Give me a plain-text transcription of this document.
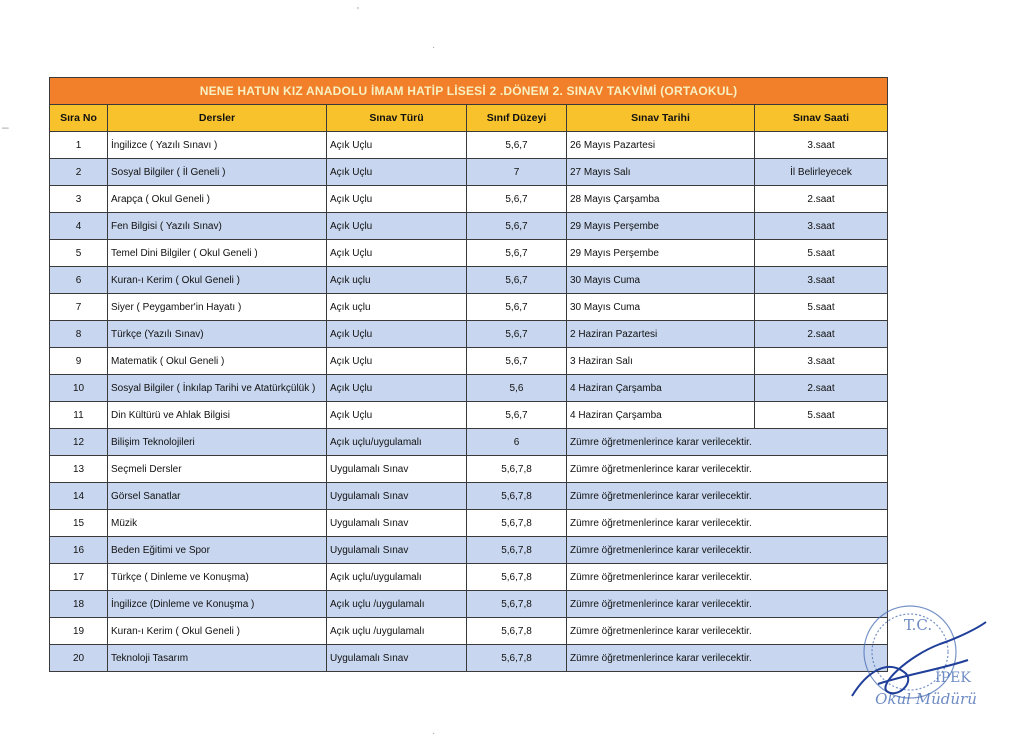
'
·
–
·
NENE HATUN KIZ ANADOLU İMAM HATİP LİSESİ 2 .DÖNEM 2. SINAV TAKVİMİ (ORTAOKUL)					
Sıra No	Dersler	Sınav Türü	Sınıf Düzeyi	Sınav Tarihi	Sınav Saati
1	İngilizce ( Yazılı Sınavı )	Açık Uçlu	5,6,7	26 Mayıs Pazartesi	3.saat
2	Sosyal Bilgiler ( İl Geneli )	Açık Uçlu	7	27 Mayıs Salı	İl Belirleyecek
3	Arapça ( Okul Geneli )	Açık Uçlu	5,6,7	28 Mayıs Çarşamba	2.saat
4	Fen Bilgisi ( Yazılı Sınav)	Açık Uçlu	5,6,7	29 Mayıs Perşembe	3.saat
5	Temel Dini Bilgiler ( Okul Geneli )	Açık Uçlu	5,6,7	29 Mayıs Perşembe	5.saat
6	Kuran-ı Kerim ( Okul Geneli )	Açık uçlu	5,6,7	30 Mayıs Cuma	3.saat
7	Siyer ( Peygamber'in Hayatı )	Açık uçlu	5,6,7	30 Mayıs Cuma	5.saat
8	Türkçe (Yazılı Sınav)	Açık Uçlu	5,6,7	2 Haziran Pazartesi	2.saat
9	Matematik ( Okul Geneli )	Açık Uçlu	5,6,7	3 Haziran Salı	3.saat
10	Sosyal Bilgiler ( İnkılap Tarihi ve Atatürkçülük )	Açık Uçlu	5,6	4 Haziran Çarşamba	2.saat
11	Din Kültürü ve Ahlak Bilgisi	Açık Uçlu	5,6,7	4 Haziran Çarşamba	5.saat
12	Bilişim Teknolojileri	Açık uçlu/uygulamalı	6	Zümre öğretmenlerince karar verilecektir.	
13	Seçmeli Dersler	Uygulamalı Sınav	5,6,7,8	Zümre öğretmenlerince karar verilecektir.	
14	Görsel Sanatlar	Uygulamalı Sınav	5,6,7,8	Zümre öğretmenlerince karar verilecektir.	
15	Müzik	Uygulamalı Sınav	5,6,7,8	Zümre öğretmenlerince karar verilecektir.	
16	Beden Eğitimi ve Spor	Uygulamalı Sınav	5,6,7,8	Zümre öğretmenlerince karar verilecektir.	
17	Türkçe ( Dinleme ve Konuşma)	Açık uçlu/uygulamalı	5,6,7,8	Zümre öğretmenlerince karar verilecektir.	
18	İngilizce (Dinleme ve Konuşma )	Açık uçlu /uygulamalı	5,6,7,8	Zümre öğretmenlerince karar verilecektir.	
19	Kuran-ı Kerim ( Okul Geneli )	Açık uçlu /uygulamalı	5,6,7,8	Zümre öğretmenlerince karar verilecektir.	
20	Teknoloji Tasarım	Uygulamalı Sınav	5,6,7,8	Zümre öğretmenlerince karar verilecektir.	
T.C.
İPEK
Okul Müdürü
